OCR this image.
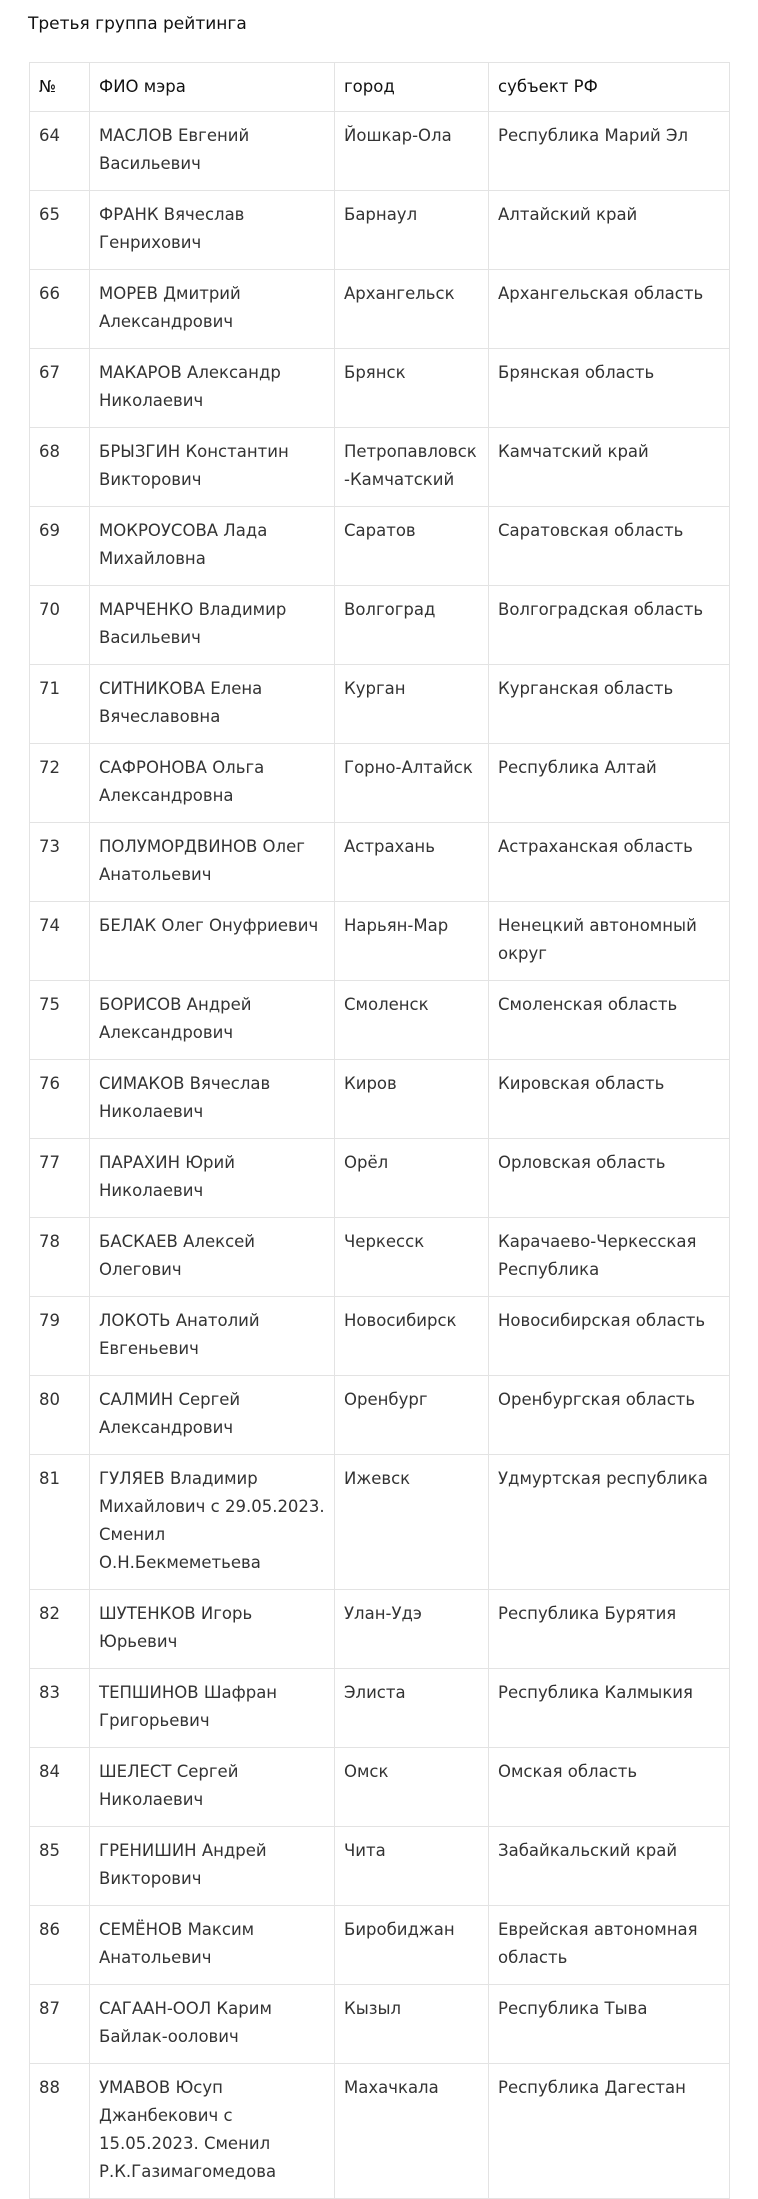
Третья группа рейтинга
№	ФИО мэра	город	субъект РФ
64	МАСЛОВ Евгений Васильевич	Йошкар-Ола	Республика Марий Эл
65	ФРАНК Вячеслав Генрихович	Барнаул	Алтайский край
66	МОРЕВ Дмитрий Александрович	Архангельск	Архангельская область
67	МАКАРОВ Александр Николаевич	Брянск	Брянская область
68	БРЫЗГИН Константин Викторович	Петропавловск-Камчатский	Камчатский край
69	МОКРОУСОВА Лада Михайловна	Саратов	Саратовская область
70	МАРЧЕНКО Владимир Васильевич	Волгоград	Волгоградская область
71	СИТНИКОВА Елена Вячеславовна	Курган	Курганская область
72	САФРОНОВА Ольга Александровна	Горно-Алтайск	Республика Алтай
73	ПОЛУМОРДВИНОВ Олег Анатольевич	Астрахань	Астраханская область
74	БЕЛАК Олег Онуфриевич	Нарьян-Мар	Ненецкий автономный округ
75	БОРИСОВ Андрей Александрович	Смоленск	Смоленская область
76	СИМАКОВ Вячеслав Николаевич	Киров	Кировская область
77	ПАРАХИН Юрий Николаевич	Орёл	Орловская область
78	БАСКАЕВ Алексей Олегович	Черкесск	Карачаево-Черкесская Республика
79	ЛОКОТЬ Анатолий Евгеньевич	Новосибирск	Новосибирская область
80	САЛМИН Сергей Александрович	Оренбург	Оренбургская область
81	ГУЛЯЕВ Владимир Михайлович с 29.05.2023. Сменил О.Н.Бекмеметьева	Ижевск	Удмуртская республика
82	ШУТЕНКОВ Игорь Юрьевич	Улан-Удэ	Республика Бурятия
83	ТЕПШИНОВ Шафран Григорьевич	Элиста	Республика Калмыкия
84	ШЕЛЕСТ Сергей Николаевич	Омск	Омская область
85	ГРЕНИШИН Андрей Викторович	Чита	Забайкальский край
86	СЕМЁНОВ Максим Анатольевич	Биробиджан	Еврейская автономная область
87	САГААН-ООЛ Карим Байлак-оолович	Кызыл	Республика Тыва
88	УМАВОВ Юсуп Джанбекович с 15.05.2023. Сменил Р.К.Газимагомедова	Махачкала	Республика Дагестан
